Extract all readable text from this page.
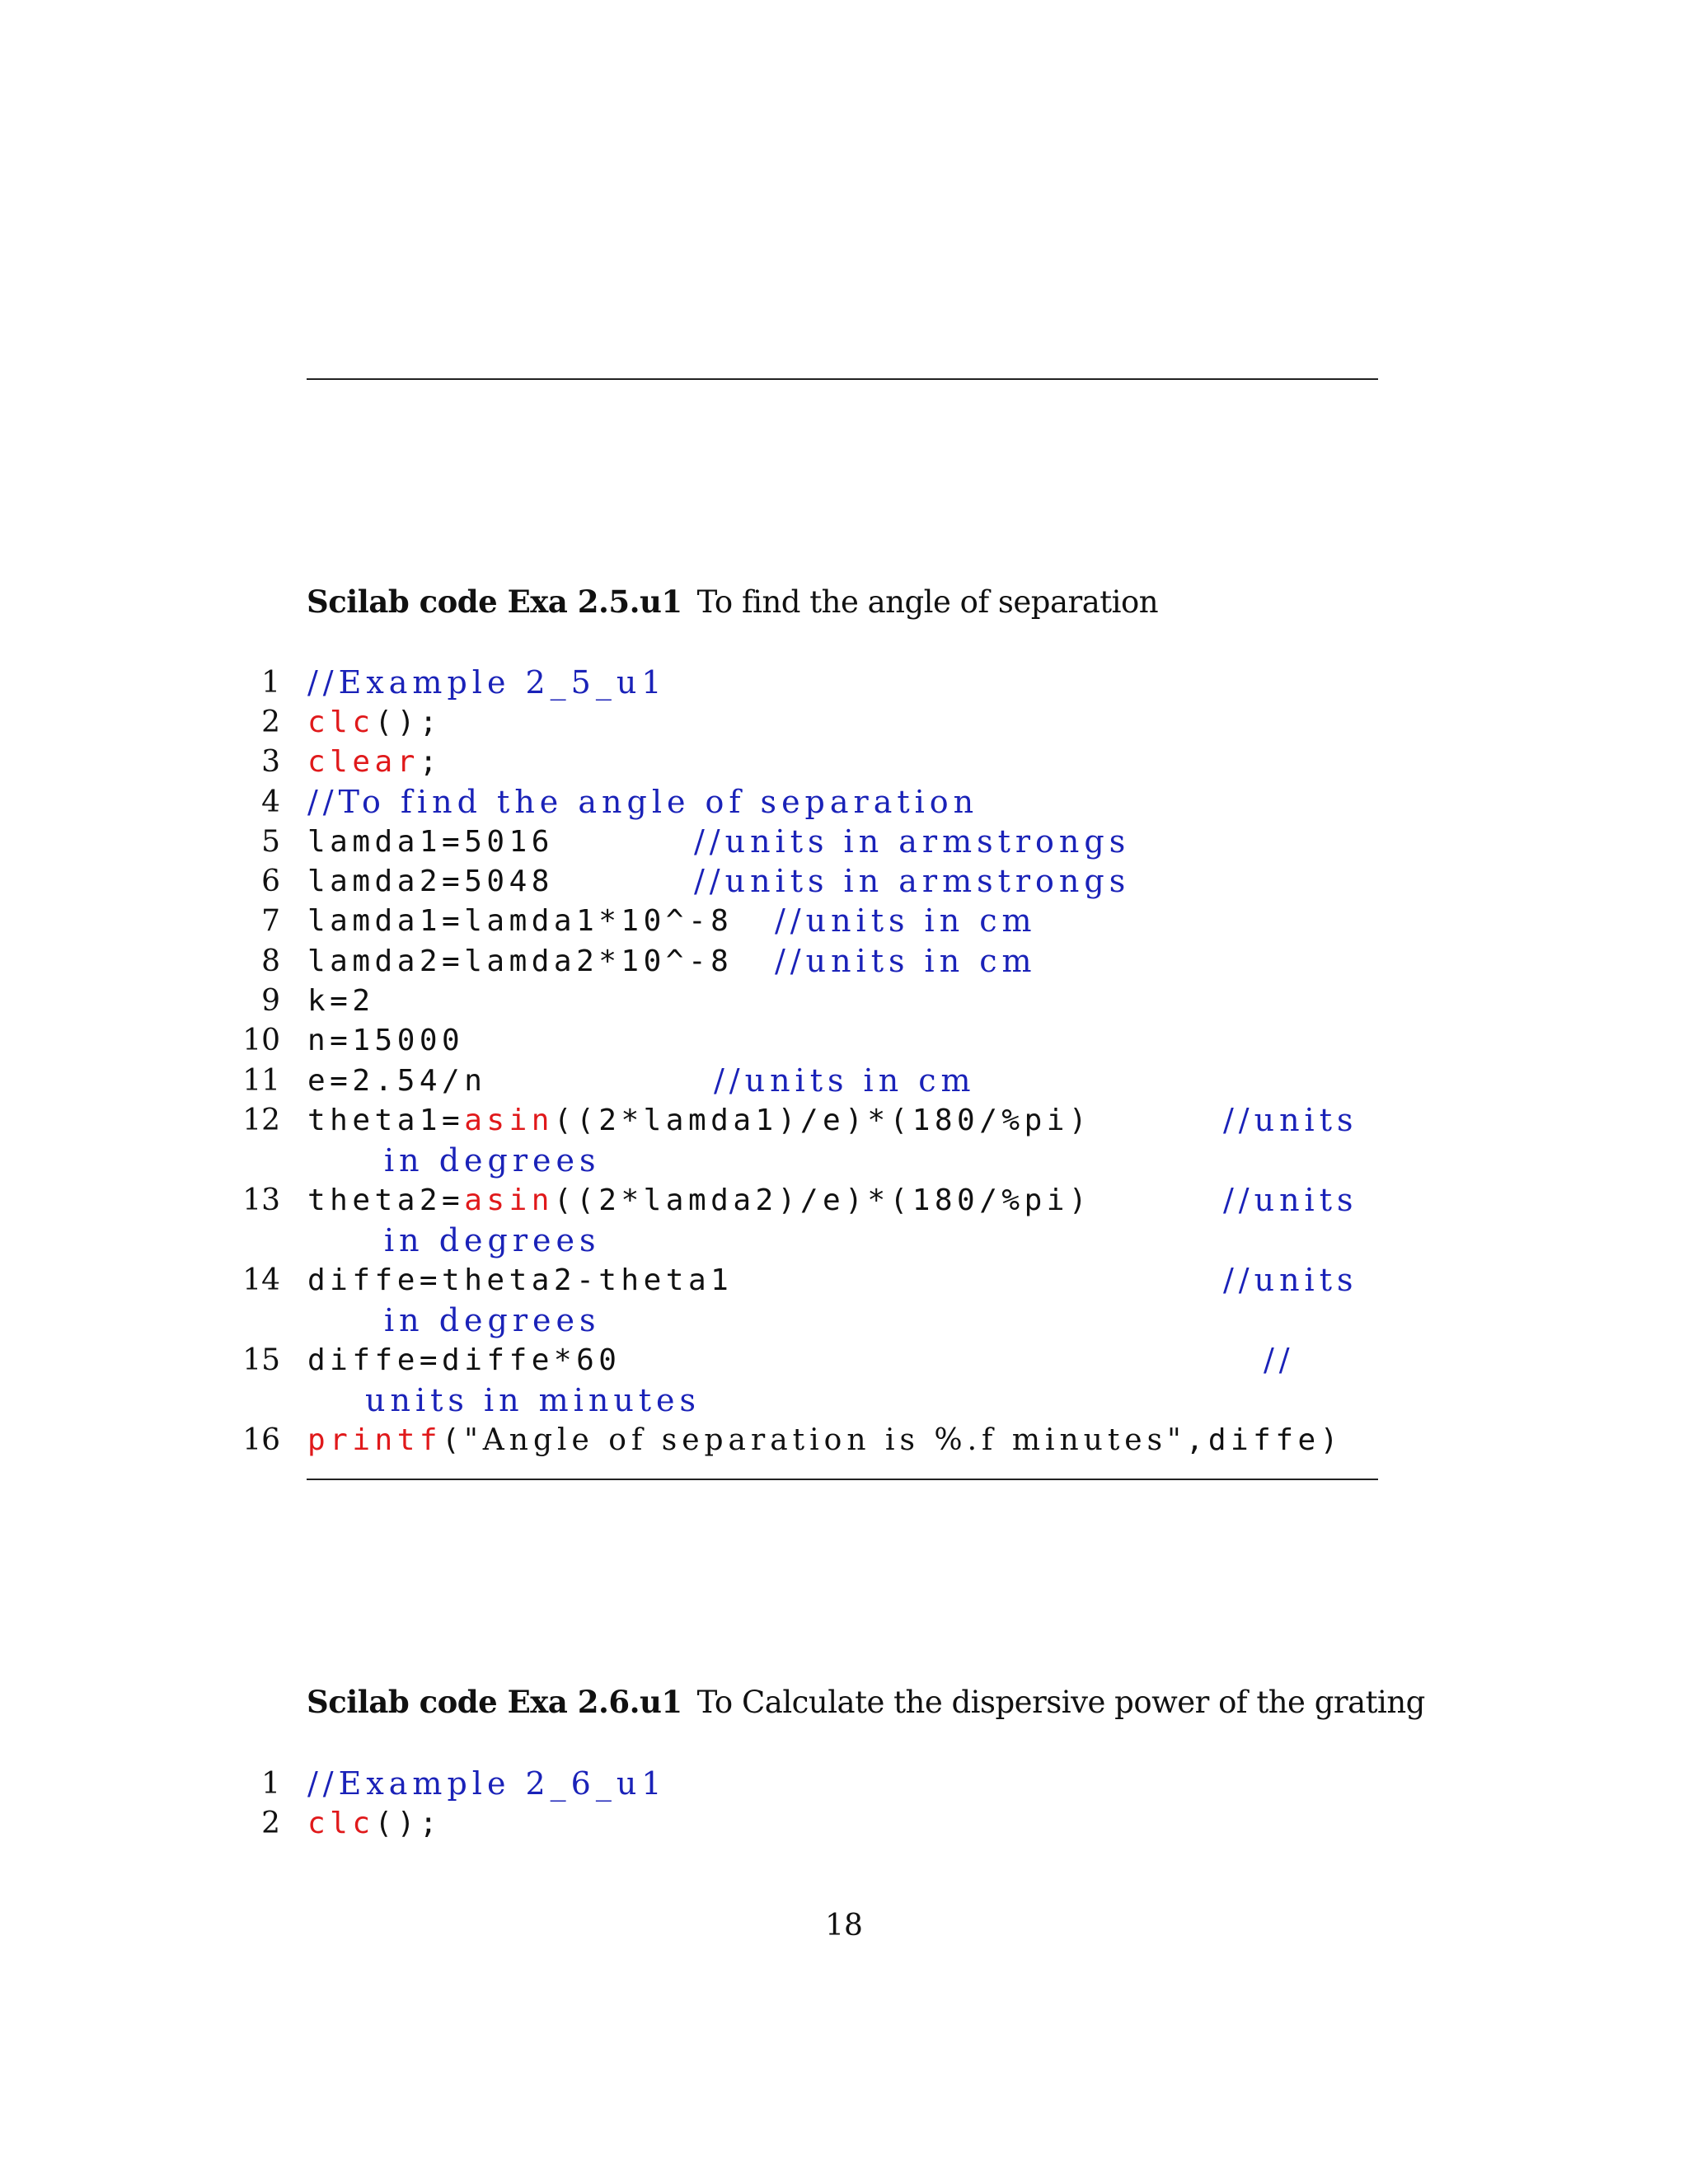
Scilab code Exa 2.5.u1 To find the angle of separation
1 //Example 2_5_u1
2 clc();
3 clear;
4 //To find the angle of separation
5 lamda1=5016	//units in armstrongs
6 lamda2=5048	//units in armstrongs
7 lamda1=lamda1*10^-8 //units in cm
8 lamda2=lamda2*10^-8 //units in cm
9 k=2
10 n=15000
11 e=2.54/n	//units in cm
12 theta1=asin((2*lamda1)/e)*(180/%pi)	//units
in degrees
13 theta2=asin((2*lamda2)/e)*(180/%pi)	//units
in degrees
14 diffe=theta2-theta1	//units
in degrees
15 diffe=diffe*60	//
units in minutes
16 printf("Angle of separation is %.f minutes",diffe)
Scilab code Exa 2.6.u1 To Calculate the dispersive power of the grating
1 //Example 2_6_u1
2 clc();
18
